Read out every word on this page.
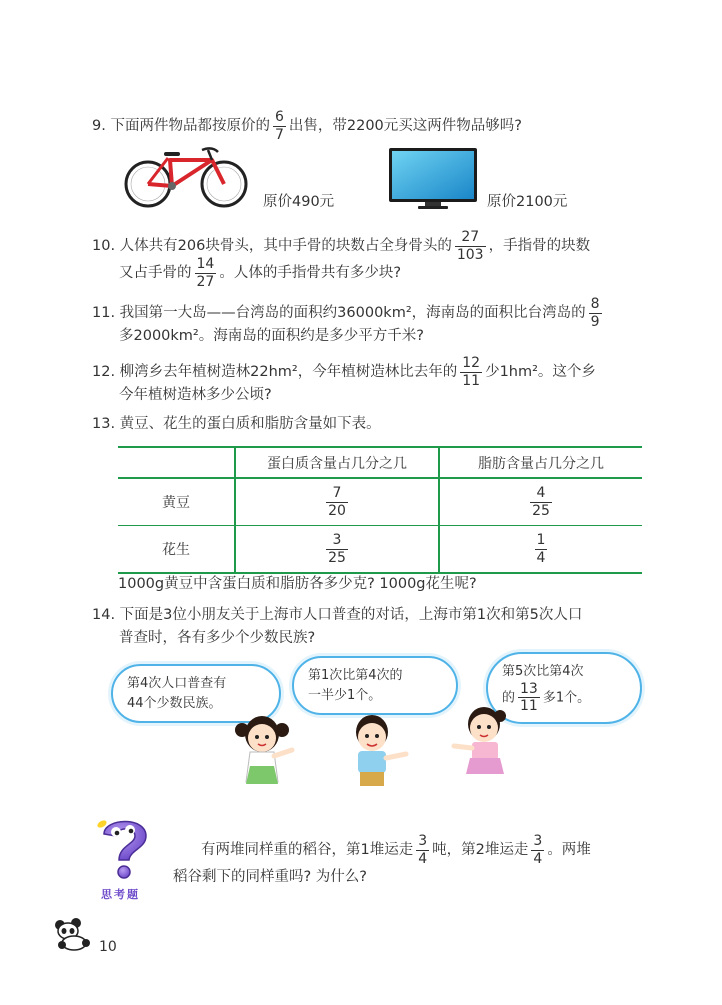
9. 下面两件物品都按原价的 $\frac{6}{7}$ 出售，带2200元买这两件物品够吗?
原价490元	原价2100元
10. 人体共有206块骨头，其中手骨的块数占全身骨头的 $\frac{27}{103}$ ，手指骨的块数
又占手骨的 $\frac{14}{27}$ 。人体的手指骨共有多少块?
11. 我国第一大岛——台湾岛的面积约36000km²，海南岛的面积比台湾岛的 $\frac{8}{9}$
多2000km²。海南岛的面积约是多少平方千米?
12. 柳湾乡去年植树造林22hm²，今年植树造林比去年的 $\frac{12}{11}$ 少1hm²。这个乡
今年植树造林多少公顷?
13. 黄豆、花生的蛋白质和脂肪含量如下表。
	蛋白质含量占几分之几	脂肪含量占几分之几
黄豆	$\frac{7}{20}$	$\frac{4}{25}$

花生	$\frac{3}{25}$	$\frac{1}{4}$
1000g黄豆中含蛋白质和脂肪各多少克? 1000g花生呢?
14. 下面是3位小朋友关于上海市人口普查的对话，上海市第1次和第5次人口
普查时，各有多少个少数民族?
第4次人口普查有
44个少数民族。
第1次比第4次的
一半少1个。
第5次比第4次
的 $\frac{13}{11}$ 多1个。
思考题
有两堆同样重的稻谷，第1堆运走 $\frac{3}{4}$ 吨，第2堆运走 $\frac{3}{4}$ 。两堆
稻谷剩下的同样重吗? 为什么?
10
